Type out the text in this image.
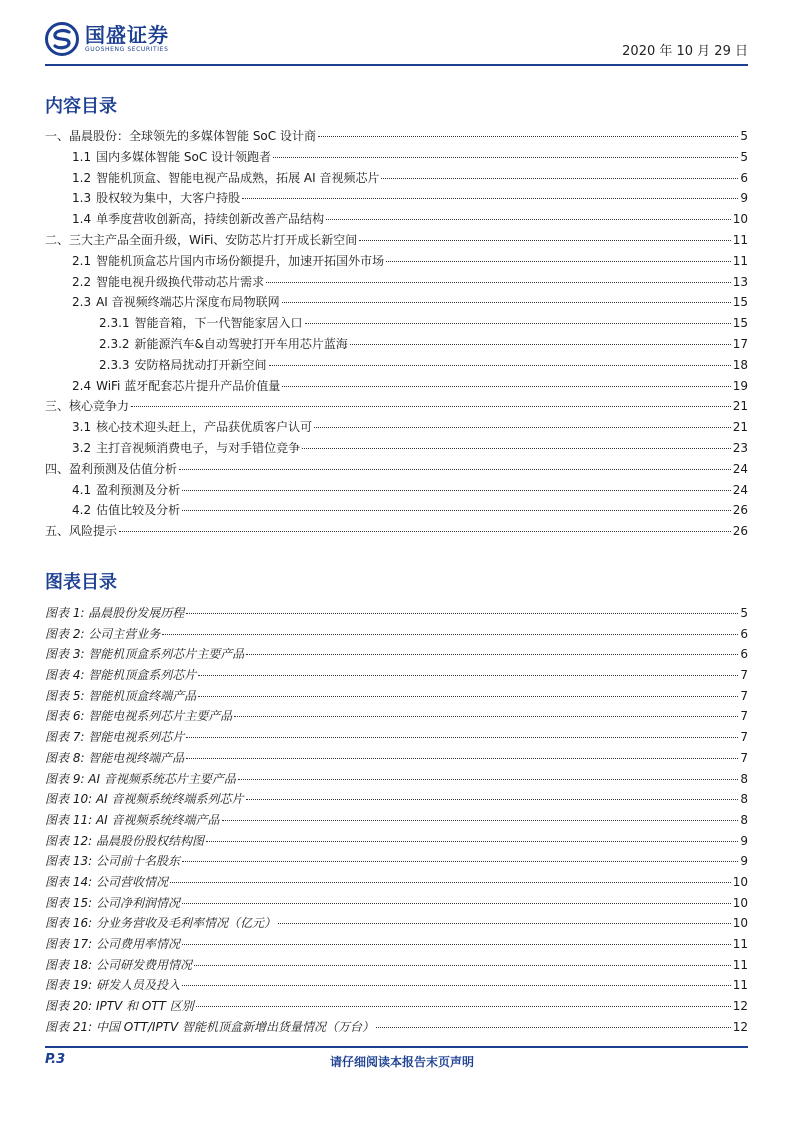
国盛证券
GUOSHENG SECURITIES	2020 年 10 月 29 日
内容目录
一、晶晨股份：全球领先的多媒体智能 SoC 设计商	5
1.1 国内多媒体智能 SoC 设计领跑者	5
1.2 智能机顶盒、智能电视产品成熟，拓展 AI 音视频芯片	6
1.3 股权较为集中，大客户持股	9
1.4 单季度营收创新高，持续创新改善产品结构	10
二、三大主产品全面升级，WiFi、安防芯片打开成长新空间	11
2.1 智能机顶盒芯片国内市场份额提升，加速开拓国外市场	11
2.2 智能电视升级换代带动芯片需求	13
2.3 AI 音视频终端芯片深度布局物联网	15
2.3.1 智能音箱，下一代智能家居入口	15
2.3.2 新能源汽车&自动驾驶打开车用芯片蓝海	17
2.3.3 安防格局扰动打开新空间	18
2.4 WiFi 蓝牙配套芯片提升产品价值量	19
三、核心竞争力	21
3.1 核心技术迎头赶上，产品获优质客户认可	21
3.2 主打音视频消费电子，与对手错位竞争	23
四、盈利预测及估值分析	24
4.1 盈利预测及分析	24
4.2 估值比较及分析	26
五、风险提示	26
图表目录
图表 1: 晶晨股份发展历程	5
图表 2: 公司主营业务	6
图表 3: 智能机顶盒系列芯片主要产品	6
图表 4: 智能机顶盒系列芯片	7
图表 5: 智能机顶盒终端产品	7
图表 6: 智能电视系列芯片主要产品	7
图表 7: 智能电视系列芯片	7
图表 8: 智能电视终端产品	7
图表 9: AI 音视频系统芯片主要产品	8
图表 10: AI 音视频系统终端系列芯片	8
图表 11: AI 音视频系统终端产品	8
图表 12: 晶晨股份股权结构图	9
图表 13: 公司前十名股东	9
图表 14: 公司营收情况	10
图表 15: 公司净利润情况	10
图表 16: 分业务营收及毛利率情况（亿元）	10
图表 17: 公司费用率情况	11
图表 18: 公司研发费用情况	11
图表 19: 研发人员及投入	11
图表 20: IPTV 和 OTT 区别	12
图表 21: 中国 OTT/IPTV 智能机顶盒新增出货量情况（万台）	12
P.3	请仔细阅读本报告末页声明
